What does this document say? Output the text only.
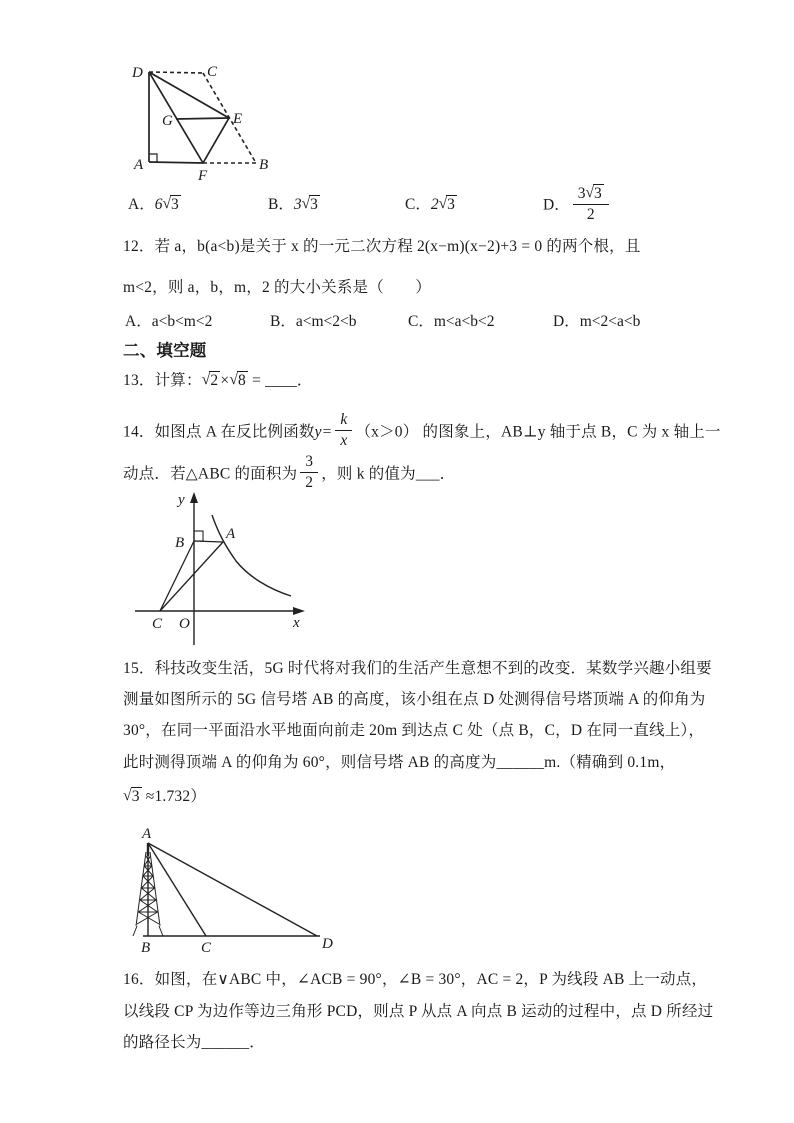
D	C
G	E
A
F
B
A．6√3	B．3√3	C．2√3	D． $\frac{3√3}{2}$
12．若 a，b(a<b)是关于 x 的一元二次方程 2(x−m)(x−2)+3 = 0 的两个根，且
m<2，则 a，b，m，2 的大小关系是（　　）
A．a<b<m<2	B．a<m<2<b	C．m<a<b<2	D．m<2<a<b
二、填空题
13．计算：√2 ×√8 = ____．
14．如图点 A 在反比例函数$y= \frac{k}{x} (x>0)$ 的图象上，AB⊥y 轴于点 B，C 为 x 轴上一
动点．若△ABC 的面积为 $\frac{3}{2}$ ，则 k 的值为___．
y
x
B
A
C O
15．科技改变生活，5G 时代将对我们的生活产生意想不到的改变．某数学兴趣小组要
测量如图所示的 5G 信号塔 AB 的高度，该小组在点 D 处测得信号塔顶端 A 的仰角为
30°，在同一平面沿水平地面向前走 20m 到达点 C 处（点 B，C，D 在同一直线上），
此时测得顶端 A 的仰角为 60°，则信号塔 AB 的高度为______m.（精确到 0.1m，
√3 ≈1.732）
A
B	C	D
16．如图，在∨ABC 中，∠ACB = 90°，∠B = 30°，AC = 2，P 为线段 AB 上一动点，
以线段 CP 为边作等边三角形 PCD，则点 P 从点 A 向点 B 运动的过程中，点 D 所经过
的路径长为______．
